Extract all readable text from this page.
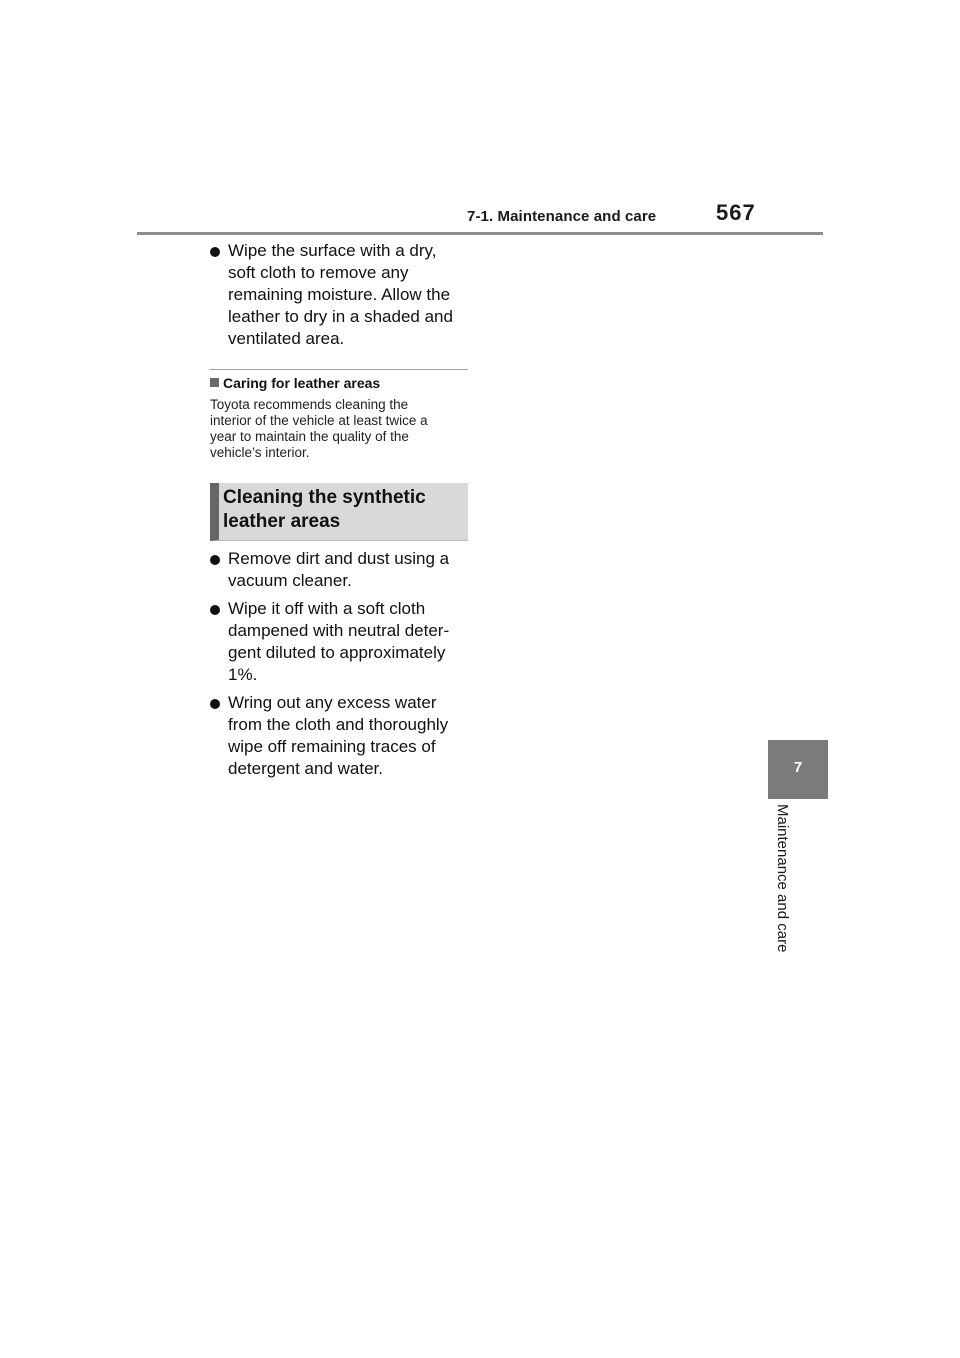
7-1. Maintenance and care	567
Wipe the surface with a dry,
soft cloth to remove any
remaining moisture. Allow the
leather to dry in a shaded and
ventilated area.
Caring for leather areas
Toyota recommends cleaning the
interior of the vehicle at least twice a
year to maintain the quality of the
vehicle’s interior.
Cleaning the synthetic
leather areas
Remove dirt and dust using a
vacuum cleaner.
Wipe it off with a soft cloth
dampened with neutral deter-
gent diluted to approximately
1%.
Wring out any excess water
from the cloth and thoroughly
wipe off remaining traces of
detergent and water.	7
Maintenance and care
